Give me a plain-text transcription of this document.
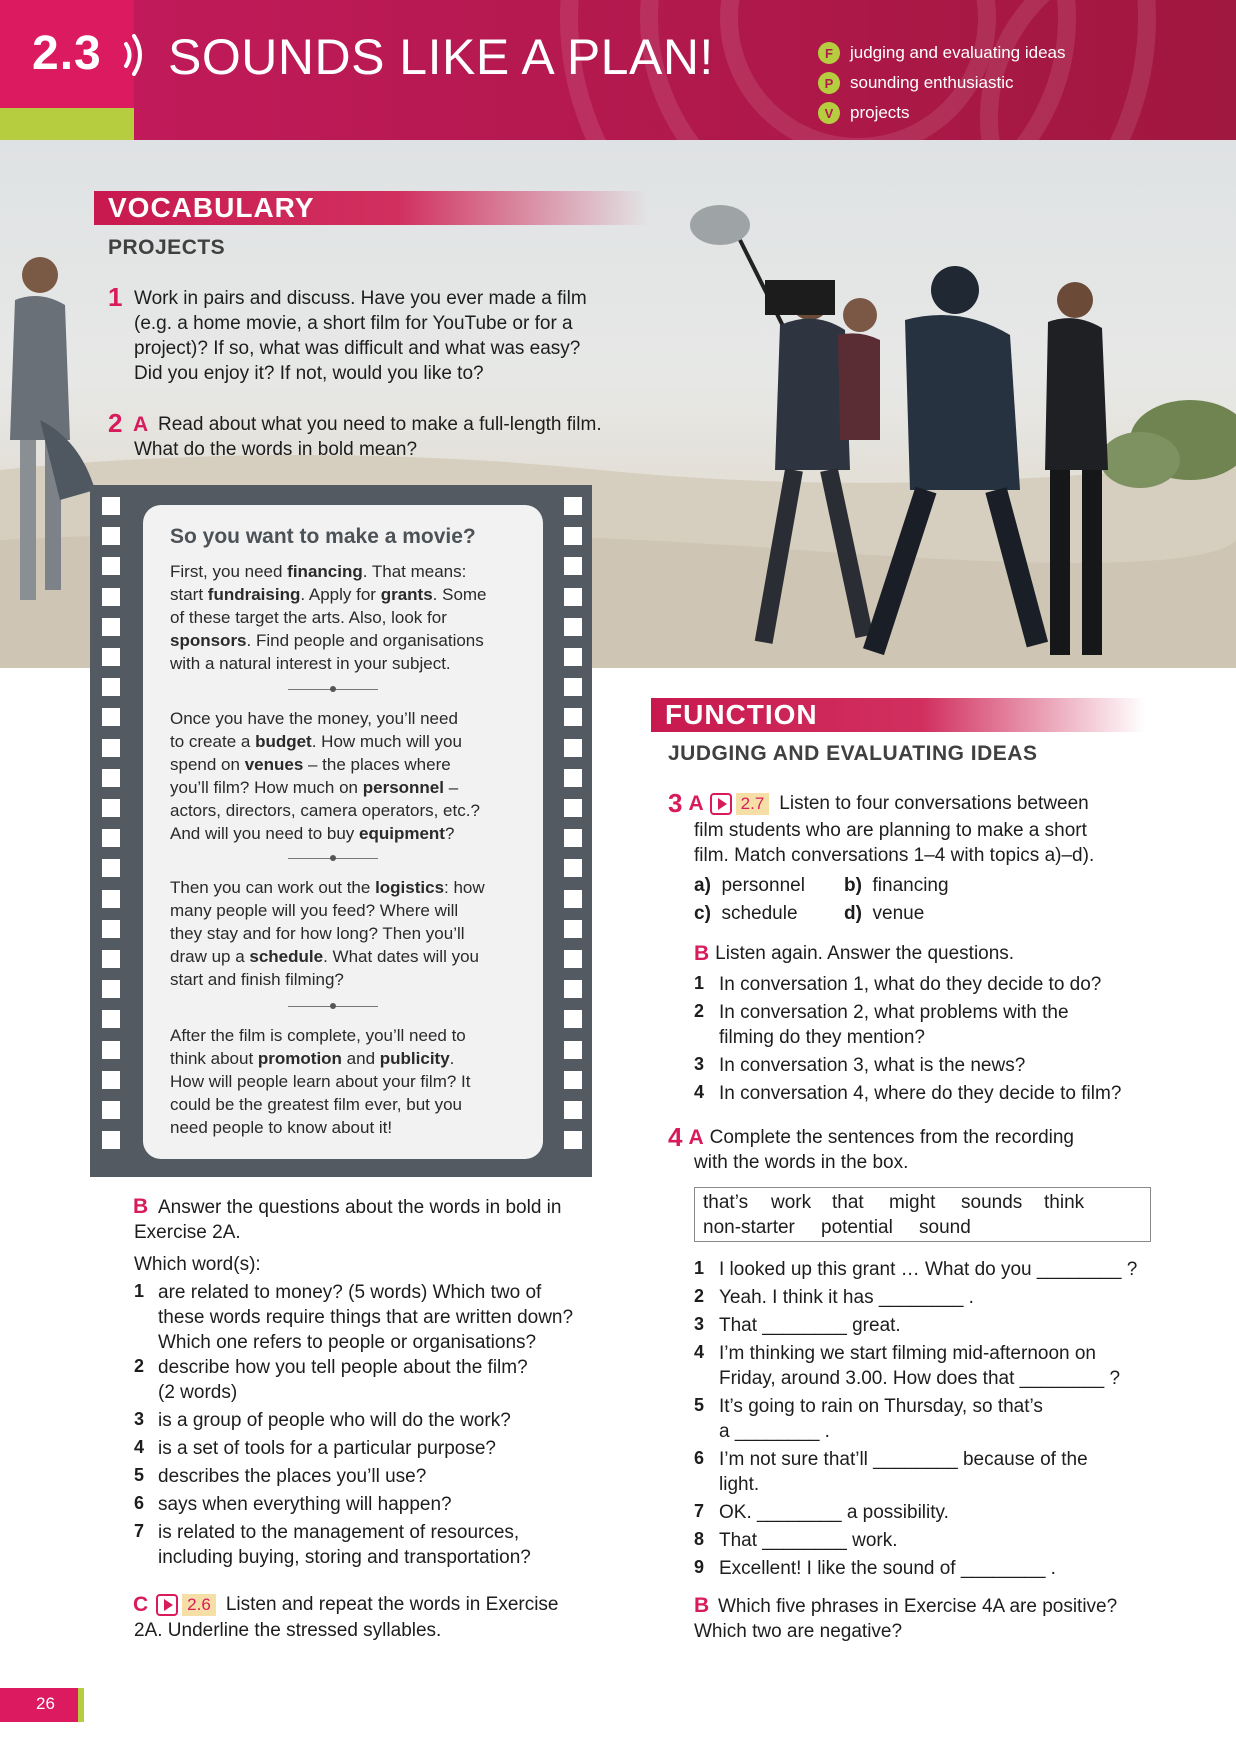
2.3 SOUNDS LIKE A PLAN!	F	judging and evaluating ideas
P sounding enthusiastic
V projects
VOCABULARY
PROJECTS
1 Work in pairs and discuss. Have you ever made a film
(e.g. a home movie, a short film for YouTube or for a
project)? If so, what was difficult and what was easy?
Did you enjoy it? If not, would you like to?
2 A Read about what you need to make a full-length film.
What do the words in bold mean?
So you want to make a movie?
First, you need financing. That means:
start fundraising. Apply for grants. Some
of these target the arts. Also, look for
sponsors. Find people and organisations
with a natural interest in your subject.
Once you have the money, you’ll need
to create a budget. How much will you
spend on venues – the places where
you’ll film? How much on personnel –
actors, directors, camera operators, etc.?
And will you need to buy equipment?
Then you can work out the logistics: how
many people will you feed? Where will
they stay and for how long? Then you’ll
draw up a schedule. What dates will you
start and finish filming?
After the film is complete, you’ll need to
think about promotion and publicity.
How will people learn about your film? It
could be the greatest film ever, but you
need people to know about it!
B Answer the questions about the words in bold in
Exercise 2A.
Which word(s):
1 are related to money? (5 words) Which two of
these words require things that are written down?
Which one refers to people or organisations?
2 describe how you tell people about the film?
(2 words)
3 is a group of people who will do the work?
4 is a set of tools for a particular purpose?
5 describes the places you’ll use?
6 says when everything will happen?
7 is related to the management of resources,
including buying, storing and transportation?
C 2.6 Listen and repeat the words in Exercise
2A. Underline the stressed syllables.
FUNCTION
JUDGING AND EVALUATING IDEAS
3 A 2.7 Listen to four conversations between
film students who are planning to make a short
film. Match conversations 1–4 with topics a)–d).
a) personnel	b) financing
c) schedule d) venue
B Listen again. Answer the questions.
1 In conversation 1, what do they decide to do?
2 In conversation 2, what problems with the
filming do they mention?
3 In conversation 3, what is the news?
4 In conversation 4, where do they decide to film?
4 A Complete the sentences from the recording
with the words in the box.
that’s work that might sounds think
non-starter potential sound
1 I looked up this grant … What do you ________ ?
2 Yeah. I think it has ________ .
3 That ________ great.
4 I’m thinking we start filming mid-afternoon on
Friday, around 3.00. How does that ________ ?
5 It’s going to rain on Thursday, so that’s
a ________ .
6 I’m not sure that’ll ________ because of the
light.
7 OK. ________ a possibility.
8 That ________ work.
9 Excellent! I like the sound of ________ .
B Which five phrases in Exercise 4A are positive?
Which two are negative?
26
